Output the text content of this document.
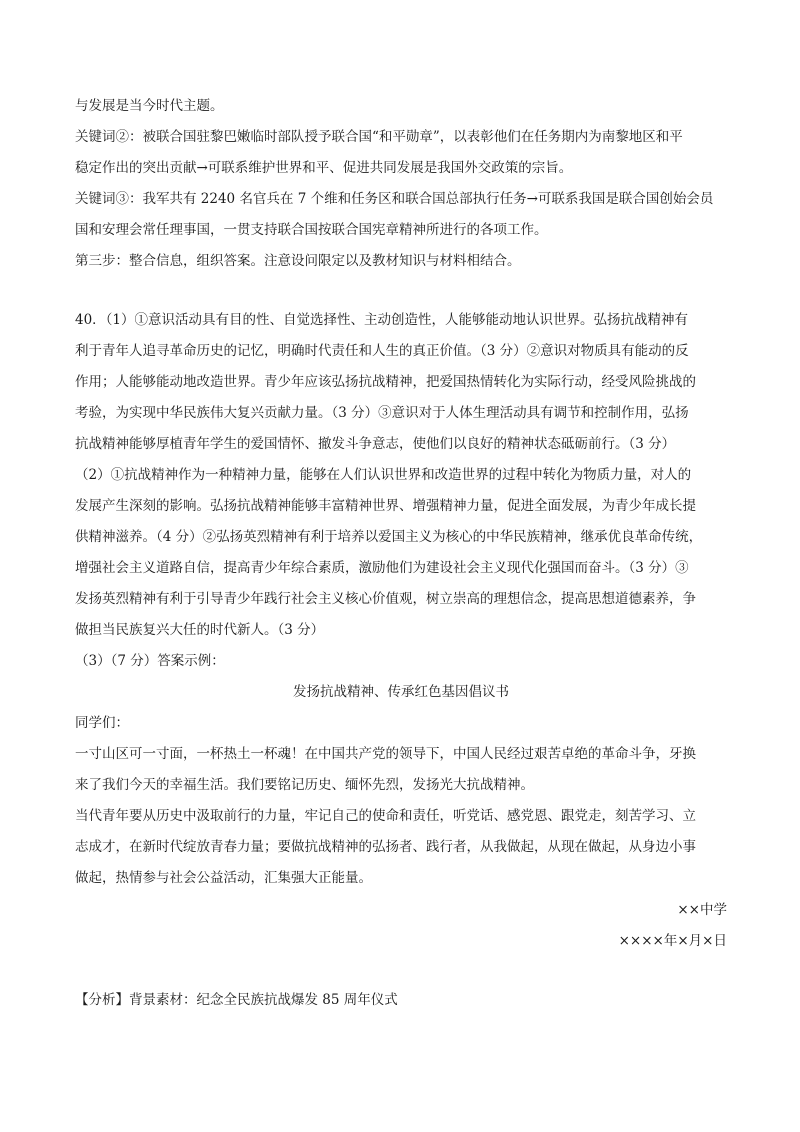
与发展是当今时代主题。
关键词②：被联合国驻黎巴嫩临时部队授予联合国“和平勋章”，以表彰他们在任务期内为南黎地区和平
稳定作出的突出贡献→可联系维护世界和平、促进共同发展是我国外交政策的宗旨。
关键词③：我军共有 2240 名官兵在 7 个维和任务区和联合国总部执行任务→可联系我国是联合国创始会员
国和安理会常任理事国，一贯支持联合国按联合国宪章精神所进行的各项工作。
第三步：整合信息，组织答案。注意设问限定以及教材知识与材料相结合。
40．（1）①意识活动具有目的性、自觉选择性、主动创造性，人能够能动地认识世界。弘扬抗战精神有
利于青年人追寻革命历史的记忆，明确时代责任和人生的真正价值。（3 分）②意识对物质具有能动的反
作用；人能够能动地改造世界。青少年应该弘扬抗战精神，把爱国热情转化为实际行动，经受风险挑战的
考验，为实现中华民族伟大复兴贡献力量。（3 分）③意识对于人体生理活动具有调节和控制作用，弘扬
抗战精神能够厚植青年学生的爱国情怀、撤发斗争意志，使他们以良好的精神状态砥砺前行。（3 分）
（2）①抗战精神作为一种精神力量，能够在人们认识世界和改造世界的过程中转化为物质力量，对人的
发展产生深刻的影响。弘扬抗战精神能够丰富精神世界、增强精神力量，促进全面发展，为青少年成长提
供精神滋养。（4 分）②弘扬英烈精神有利于培养以爱国主义为核心的中华民族精神，继承优良革命传统，
增强社会主义道路自信，提高青少年综合素质，激励他们为建设社会主义现代化强国而奋斗。（3 分）③
发扬英烈精神有利于引导青少年践行社会主义核心价值观，树立崇高的理想信念，提高思想道德素养，争
做担当民族复兴大任的时代新人。（3 分）
（3）（7 分）答案示例：
发扬抗战精神、传承红色基因倡议书
同学们：
一寸山区可一寸面，一杯热土一杯魂！在中国共产党的领导下，中国人民经过艰苦卓绝的革命斗争，牙换
来了我们今天的幸福生活。我们要铭记历史、缅怀先烈，发扬光大抗战精神。
当代青年要从历史中汲取前行的力量，牢记自己的使命和责任，听党话、感党恩、跟党走，刻苦学习、立
志成才，在新时代绽放青春力量；要做抗战精神的弘扬者、践行者，从我做起，从现在做起，从身边小事
做起，热情参与社会公益活动，汇集强大正能量。
××中学
××××年×月×日
【分析】背景素材：纪念全民族抗战爆发 85 周年仪式
